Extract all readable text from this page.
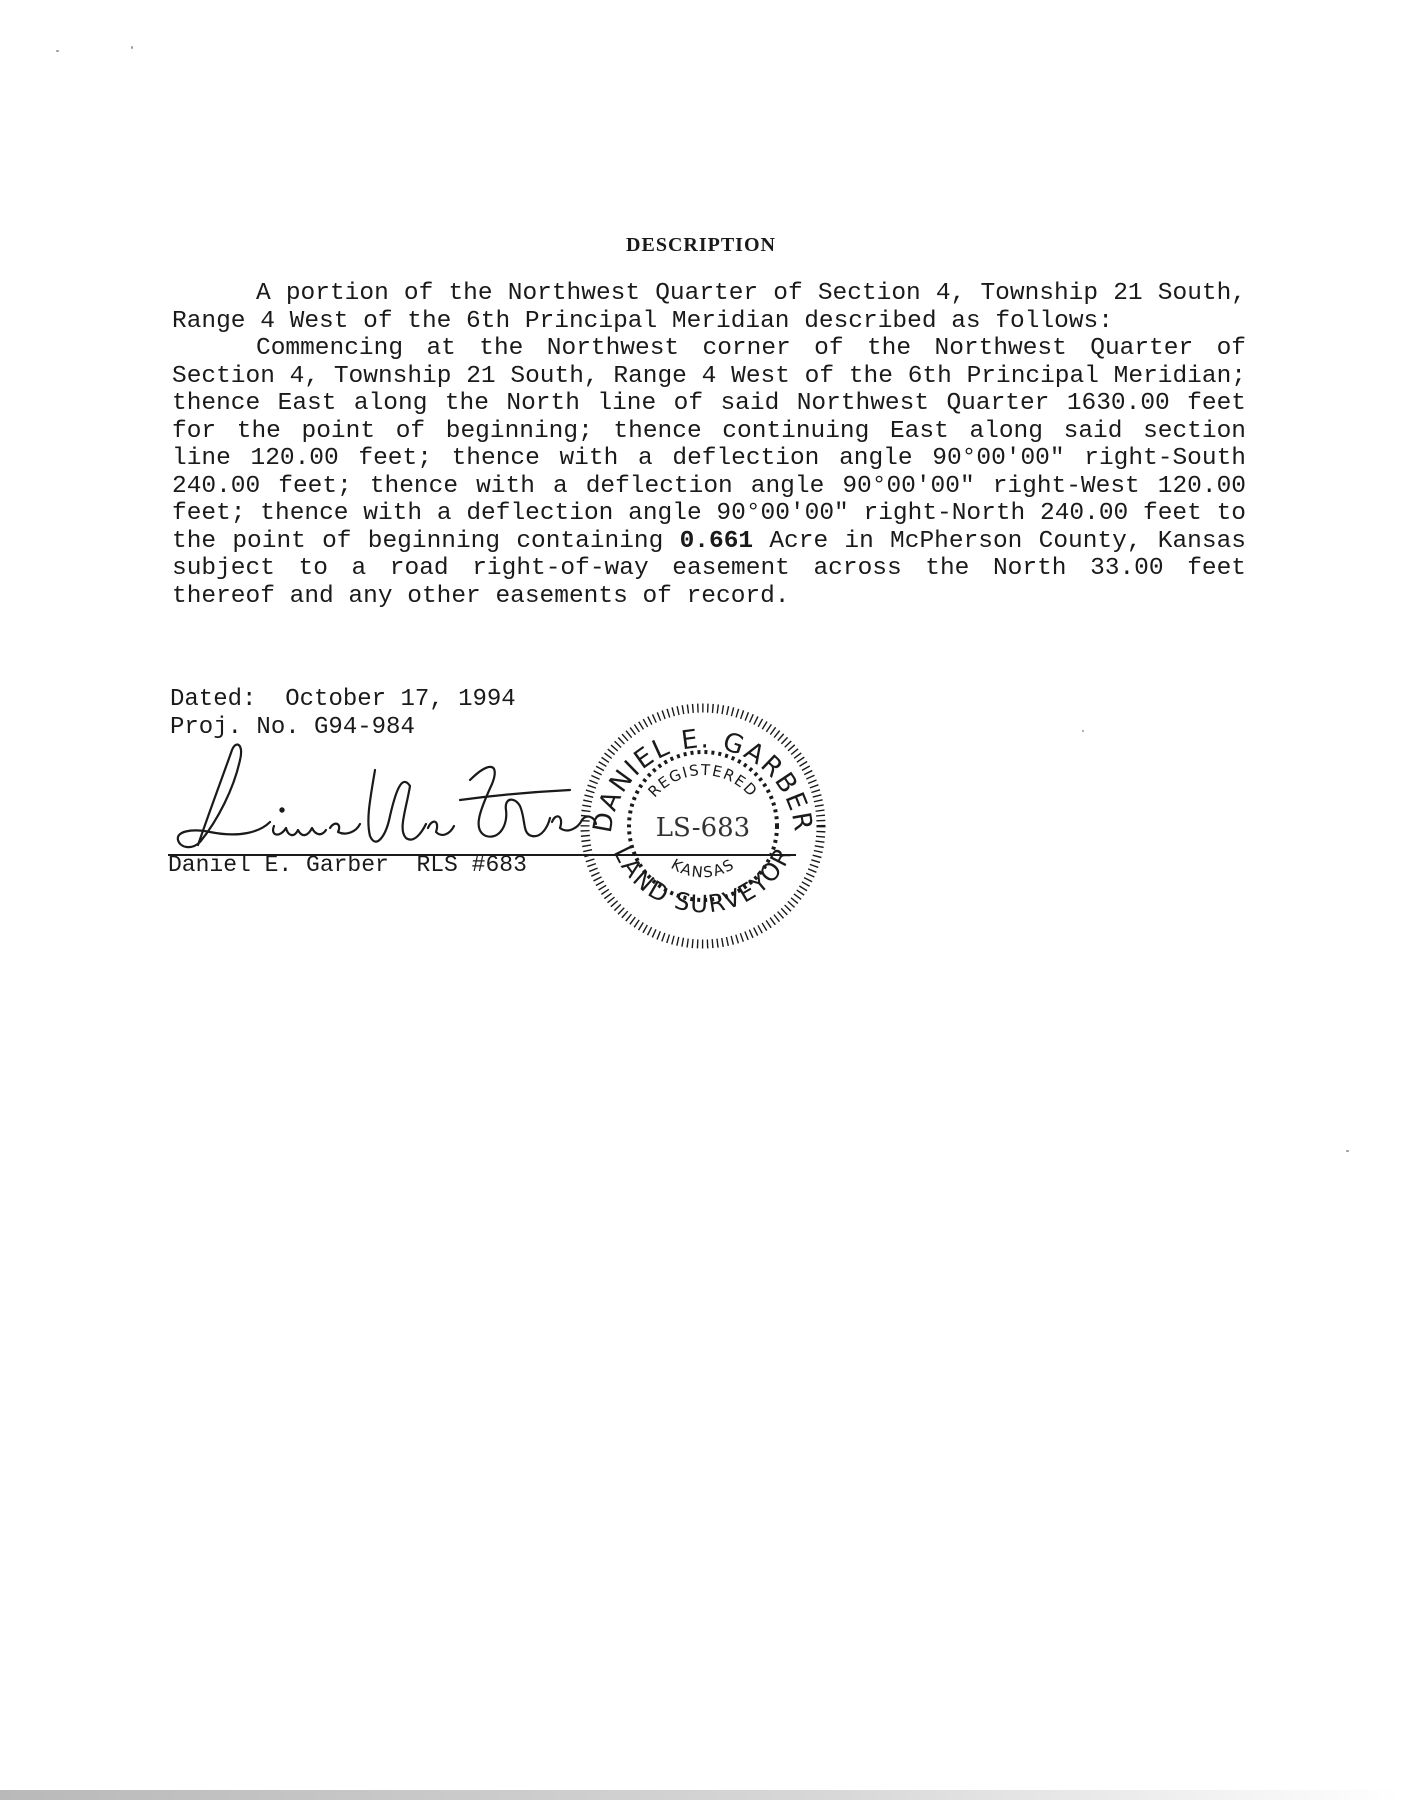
DESCRIPTION

A portion of the Northwest Quarter of Section 4, Township 21 South, Range 4 West of the 6th Principal Meridian described as follows:

Commencing at the Northwest corner of the Northwest Quarter of Section 4, Township 21 South, Range 4 West of the 6th Principal Meridian; thence East along the North line of said Northwest Quarter 1630.00 feet for the point of beginning; thence continuing East along said section line 120.00 feet; thence with a deflection angle 90°00'00" right-South 240.00 feet; thence with a deflection angle 90°00'00" right-West 120.00 feet; thence with a deflection angle 90°00'00" right-North 240.00 feet to the point of beginning containing 0.661 Acre in McPherson County, Kansas subject to a road right-of-way easement across the North 33.00 feet thereof and any other easements of record.

Dated: October 17, 1994
Proj. No. G94-984
Daniel E. Garber RLS #683
DANIEL E. GARBER
LAND SURVEYOR
REGISTERED
KANSAS
LS-683
